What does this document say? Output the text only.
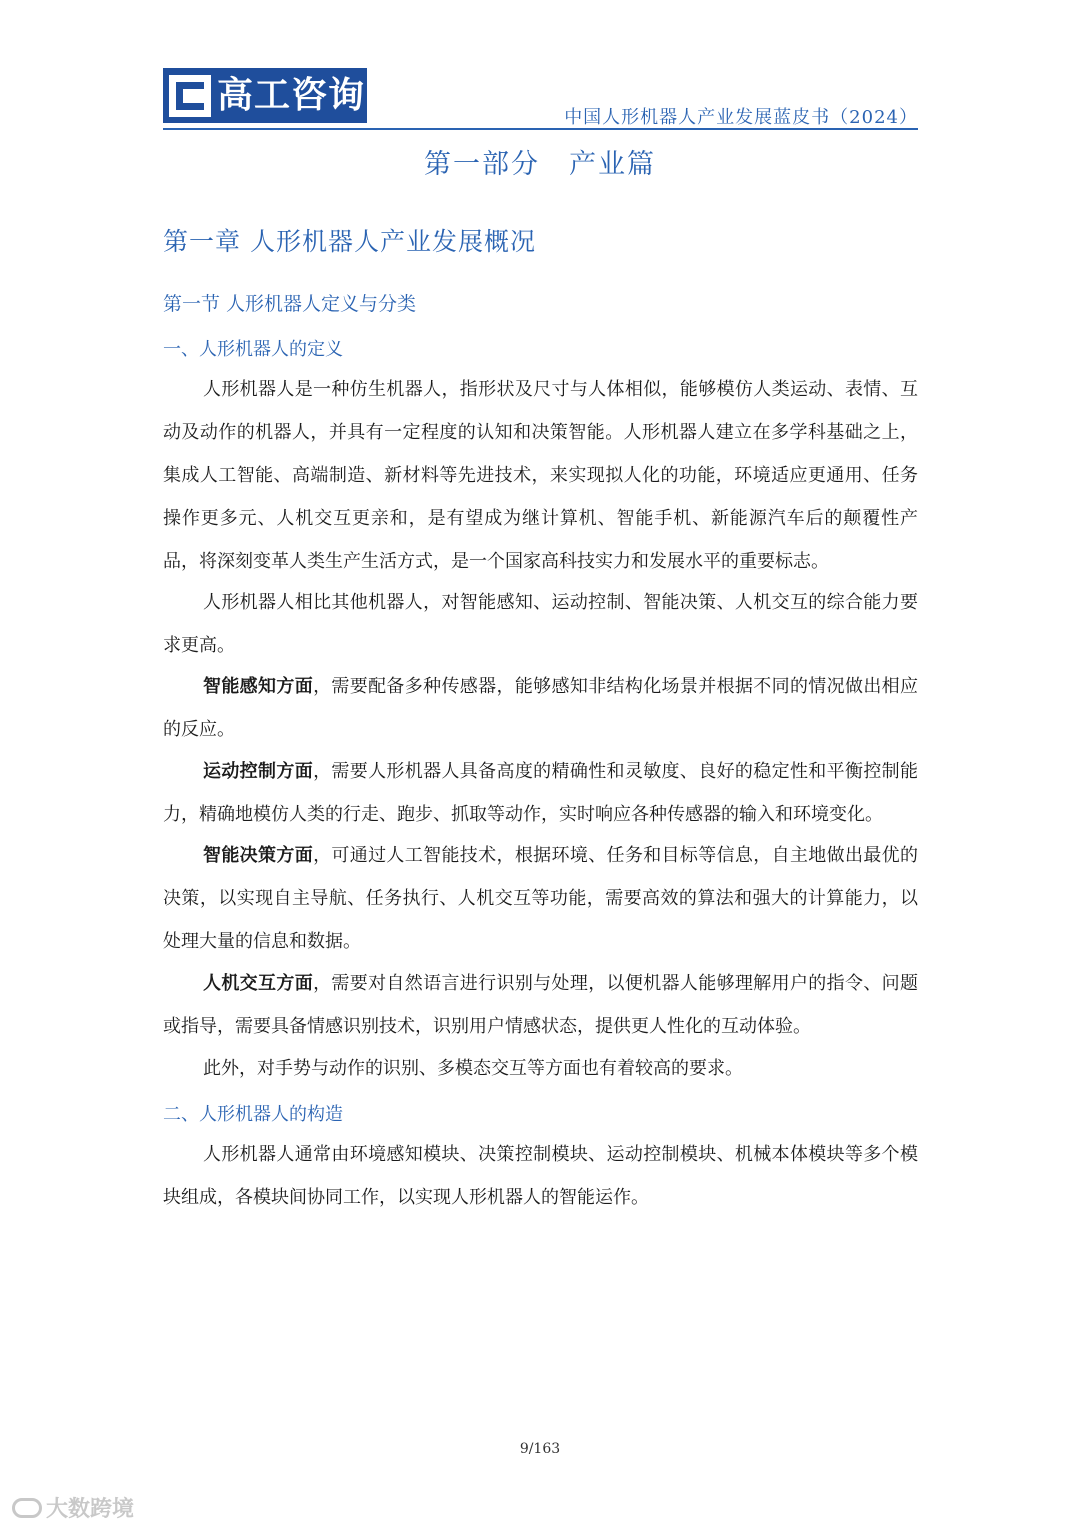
高工咨询
中国人形机器人产业发展蓝皮书（2024）
第一部分　产业篇
第一章 人形机器人产业发展概况
第一节 人形机器人定义与分类
一、人形机器人的定义

人形机器人是一种仿生机器人，指形状及尺寸与人体相似，能够模仿人类运动、表情、互动及动作的机器人，并具有一定程度的认知和决策智能。人形机器人建立在多学科基础之上，集成人工智能、高端制造、新材料等先进技术，来实现拟人化的功能，环境适应更通用、任务操作更多元、人机交互更亲和，是有望成为继计算机、智能手机、新能源汽车后的颠覆性产品，将深刻变革人类生产生活方式，是一个国家高科技实力和发展水平的重要标志。

人形机器人相比其他机器人，对智能感知、运动控制、智能决策、人机交互的综合能力要求更高。

智能感知方面，需要配备多种传感器，能够感知非结构化场景并根据不同的情况做出相应的反应。

运动控制方面，需要人形机器人具备高度的精确性和灵敏度、良好的稳定性和平衡控制能力，精确地模仿人类的行走、跑步、抓取等动作，实时响应各种传感器的输入和环境变化。

智能决策方面，可通过人工智能技术，根据环境、任务和目标等信息，自主地做出最优的决策，以实现自主导航、任务执行、人机交互等功能，需要高效的算法和强大的计算能力，以处理大量的信息和数据。

人机交互方面，需要对自然语言进行识别与处理，以便机器人能够理解用户的指令、问题或指导，需要具备情感识别技术，识别用户情感状态，提供更人性化的互动体验。

此外，对手势与动作的识别、多模态交互等方面也有着较高的要求。

二、人形机器人的构造

人形机器人通常由环境感知模块、决策控制模块、运动控制模块、机械本体模块等多个模块组成，各模块间协同工作，以实现人形机器人的智能运作。

9/163
大数跨境
